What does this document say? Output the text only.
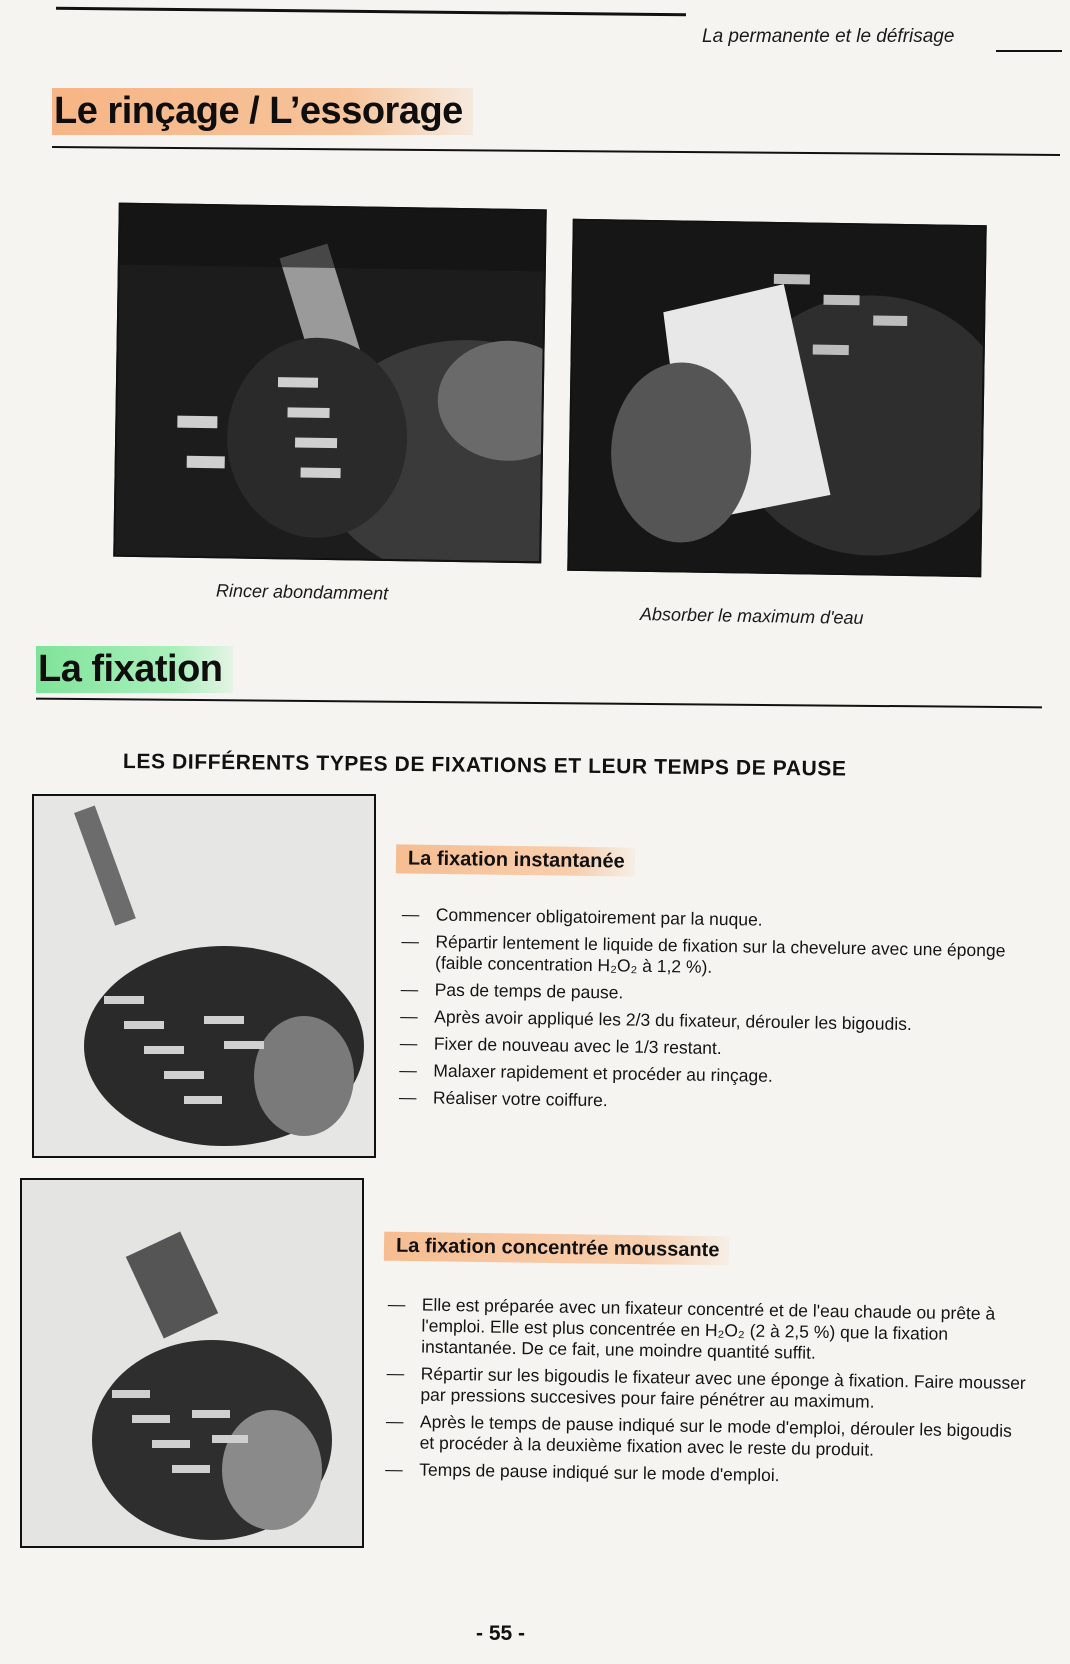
La permanente et le défrisage
Le rinçage / L’essorage
Rincer abondamment
Absorber le maximum d'eau
La fixation
LES DIFFÉRENTS TYPES DE FIXATIONS ET LEUR TEMPS DE PAUSE
La fixation instantanée
— Commencer obligatoirement par la nuque.
— Répartir lentement le liquide de fixation sur la chevelure avec une éponge (faible concentration H₂O₂ à 1,2 %).
— Pas de temps de pause.
— Après avoir appliqué les 2/3 du fixateur, dérouler les bigoudis.
— Fixer de nouveau avec le 1/3 restant.
— Malaxer rapidement et procéder au rinçage.
— Réaliser votre coiffure.
La fixation concentrée moussante
— Elle est préparée avec un fixateur concentré et de l'eau chaude ou prête à l'emploi. Elle est plus concentrée en H₂O₂ (2 à 2,5 %) que la fixation instantanée. De ce fait, une moindre quantité suffit.
— Répartir sur les bigoudis le fixateur avec une éponge à fixation. Faire mousser par pressions succesives pour faire pénétrer au maximum.
— Après le temps de pause indiqué sur le mode d'emploi, dérouler les bigoudis et procéder à la deuxième fixation avec le reste du produit.
— Temps de pause indiqué sur le mode d'emploi.
- 55 -
